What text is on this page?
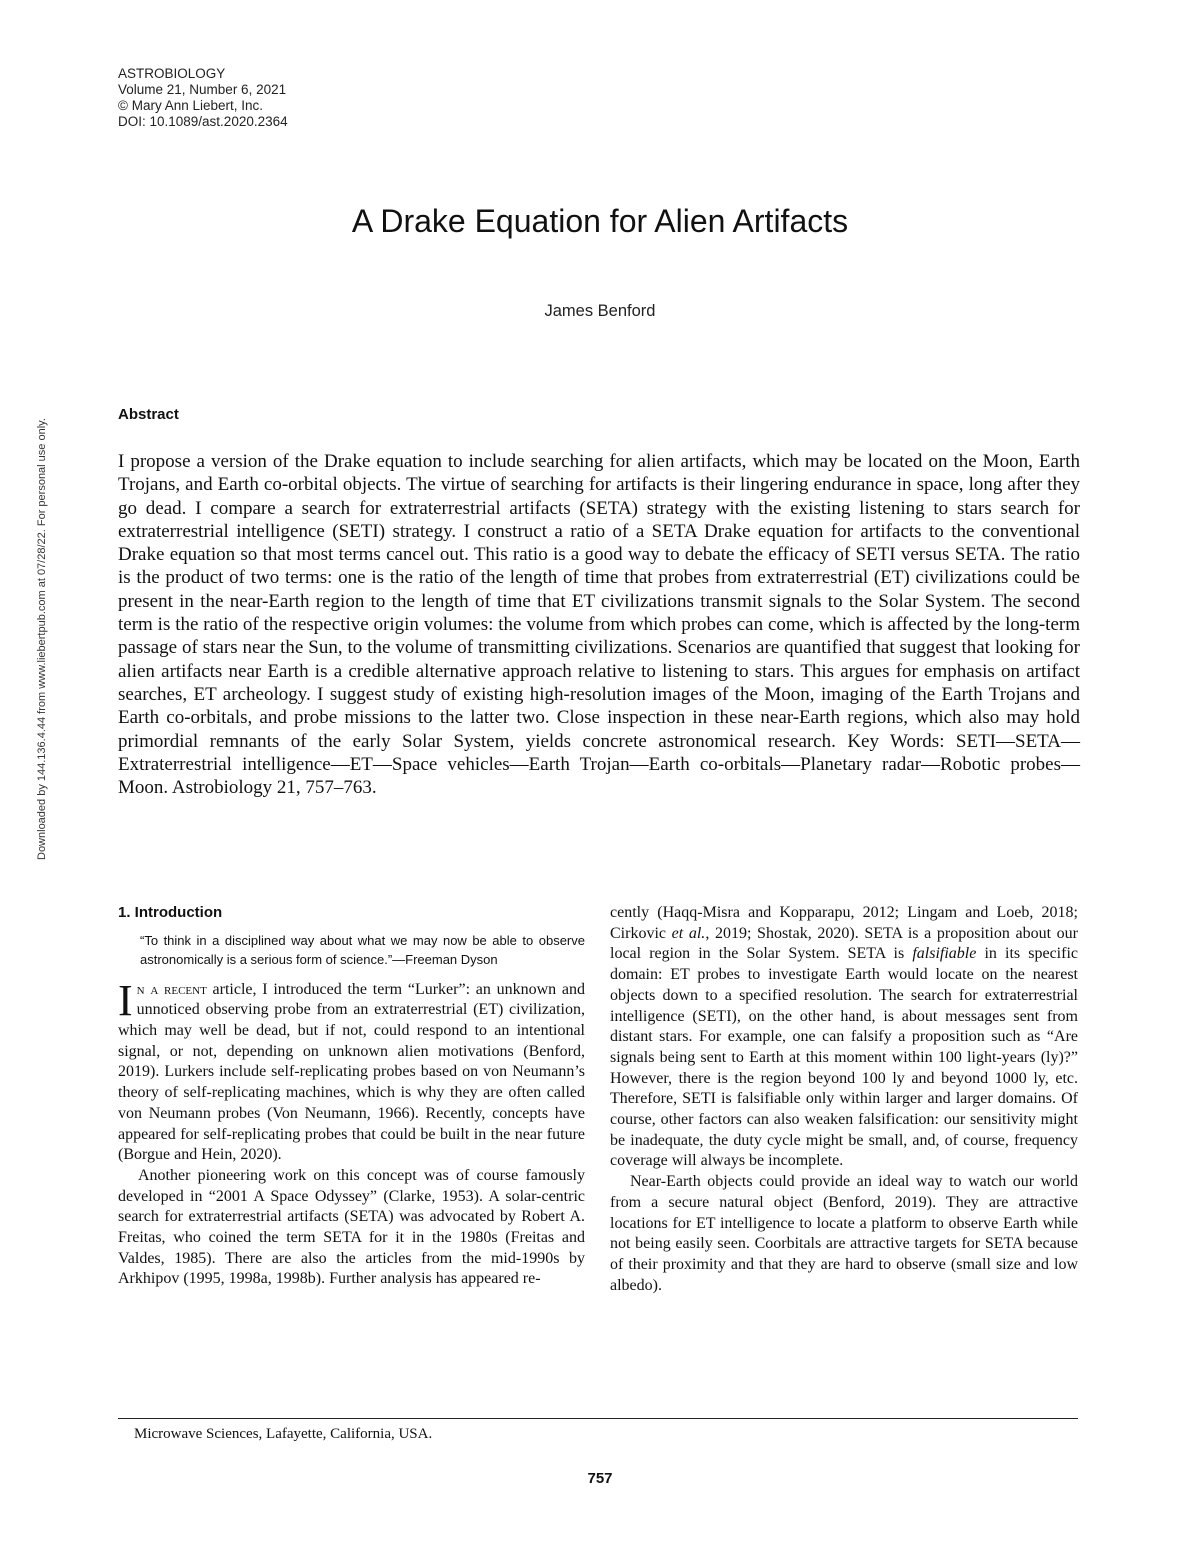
ASTROBIOLOGY
Volume 21, Number 6, 2021
© Mary Ann Liebert, Inc.
DOI: 10.1089/ast.2020.2364
A Drake Equation for Alien Artifacts
James Benford
Abstract
I propose a version of the Drake equation to include searching for alien artifacts, which may be located on the Moon, Earth Trojans, and Earth co-orbital objects. The virtue of searching for artifacts is their lingering endurance in space, long after they go dead. I compare a search for extraterrestrial artifacts (SETA) strategy with the existing listening to stars search for extraterrestrial intelligence (SETI) strategy. I construct a ratio of a SETA Drake equation for artifacts to the conventional Drake equation so that most terms cancel out. This ratio is a good way to debate the efficacy of SETI versus SETA. The ratio is the product of two terms: one is the ratio of the length of time that probes from extraterrestrial (ET) civilizations could be present in the near-Earth region to the length of time that ET civilizations transmit signals to the Solar System. The second term is the ratio of the respective origin volumes: the volume from which probes can come, which is affected by the long-term passage of stars near the Sun, to the volume of transmitting civilizations. Scenarios are quantified that suggest that looking for alien artifacts near Earth is a credible alternative approach relative to listening to stars. This argues for emphasis on artifact searches, ET archeology. I suggest study of existing high-resolution images of the Moon, imaging of the Earth Trojans and Earth co-orbitals, and probe missions to the latter two. Close inspection in these near-Earth regions, which also may hold primordial remnants of the early Solar System, yields concrete astronomical research. Key Words: SETI—SETA—Extraterrestrial intelligence—ET—Space vehicles—Earth Trojan—Earth co-orbitals—Planetary radar—Robotic probes—Moon. Astrobiology 21, 757–763.
Downloaded by 144.136.4.44 from www.liebertpub.com at 07/28/22. For personal use only.
1. Introduction
“To think in a disciplined way about what we may now be able to observe astronomically is a serious form of science.”—Freeman Dyson

In a recent article, I introduced the term “Lurker”: an unknown and unnoticed observing probe from an extraterrestrial (ET) civilization, which may well be dead, but if not, could respond to an intentional signal, or not, depending on unknown alien motivations (Benford, 2019). Lurkers include self-replicating probes based on von Neumann’s theory of self-replicating machines, which is why they are often called von Neumann probes (Von Neumann, 1966). Recently, concepts have appeared for self-replicating probes that could be built in the near future (Borgue and Hein, 2020).

Another pioneering work on this concept was of course famously developed in “2001 A Space Odyssey” (Clarke, 1953). A solar-centric search for extraterrestrial artifacts (SETA) was advocated by Robert A. Freitas, who coined the term SETA for it in the 1980s (Freitas and Valdes, 1985). There are also the articles from the mid-1990s by Arkhipov (1995, 1998a, 1998b). Further analysis has appeared re-

cently (Haqq-Misra and Kopparapu, 2012; Lingam and Loeb, 2018; Cirkovic et al., 2019; Shostak, 2020). SETA is a proposition about our local region in the Solar System. SETA is falsifiable in its specific domain: ET probes to investigate Earth would locate on the nearest objects down to a specified resolution. The search for extraterrestrial intelligence (SETI), on the other hand, is about messages sent from distant stars. For example, one can falsify a proposition such as “Are signals being sent to Earth at this moment within 100 light-years (ly)?” However, there is the region beyond 100 ly and beyond 1000 ly, etc. Therefore, SETI is falsifiable only within larger and larger domains. Of course, other factors can also weaken falsification: our sensitivity might be inadequate, the duty cycle might be small, and, of course, frequency coverage will always be incomplete.

Near-Earth objects could provide an ideal way to watch our world from a secure natural object (Benford, 2019). They are attractive locations for ET intelligence to locate a platform to observe Earth while not being easily seen. Coorbitals are attractive targets for SETA because of their proximity and that they are hard to observe (small size and low albedo).

Microwave Sciences, Lafayette, California, USA.
757
